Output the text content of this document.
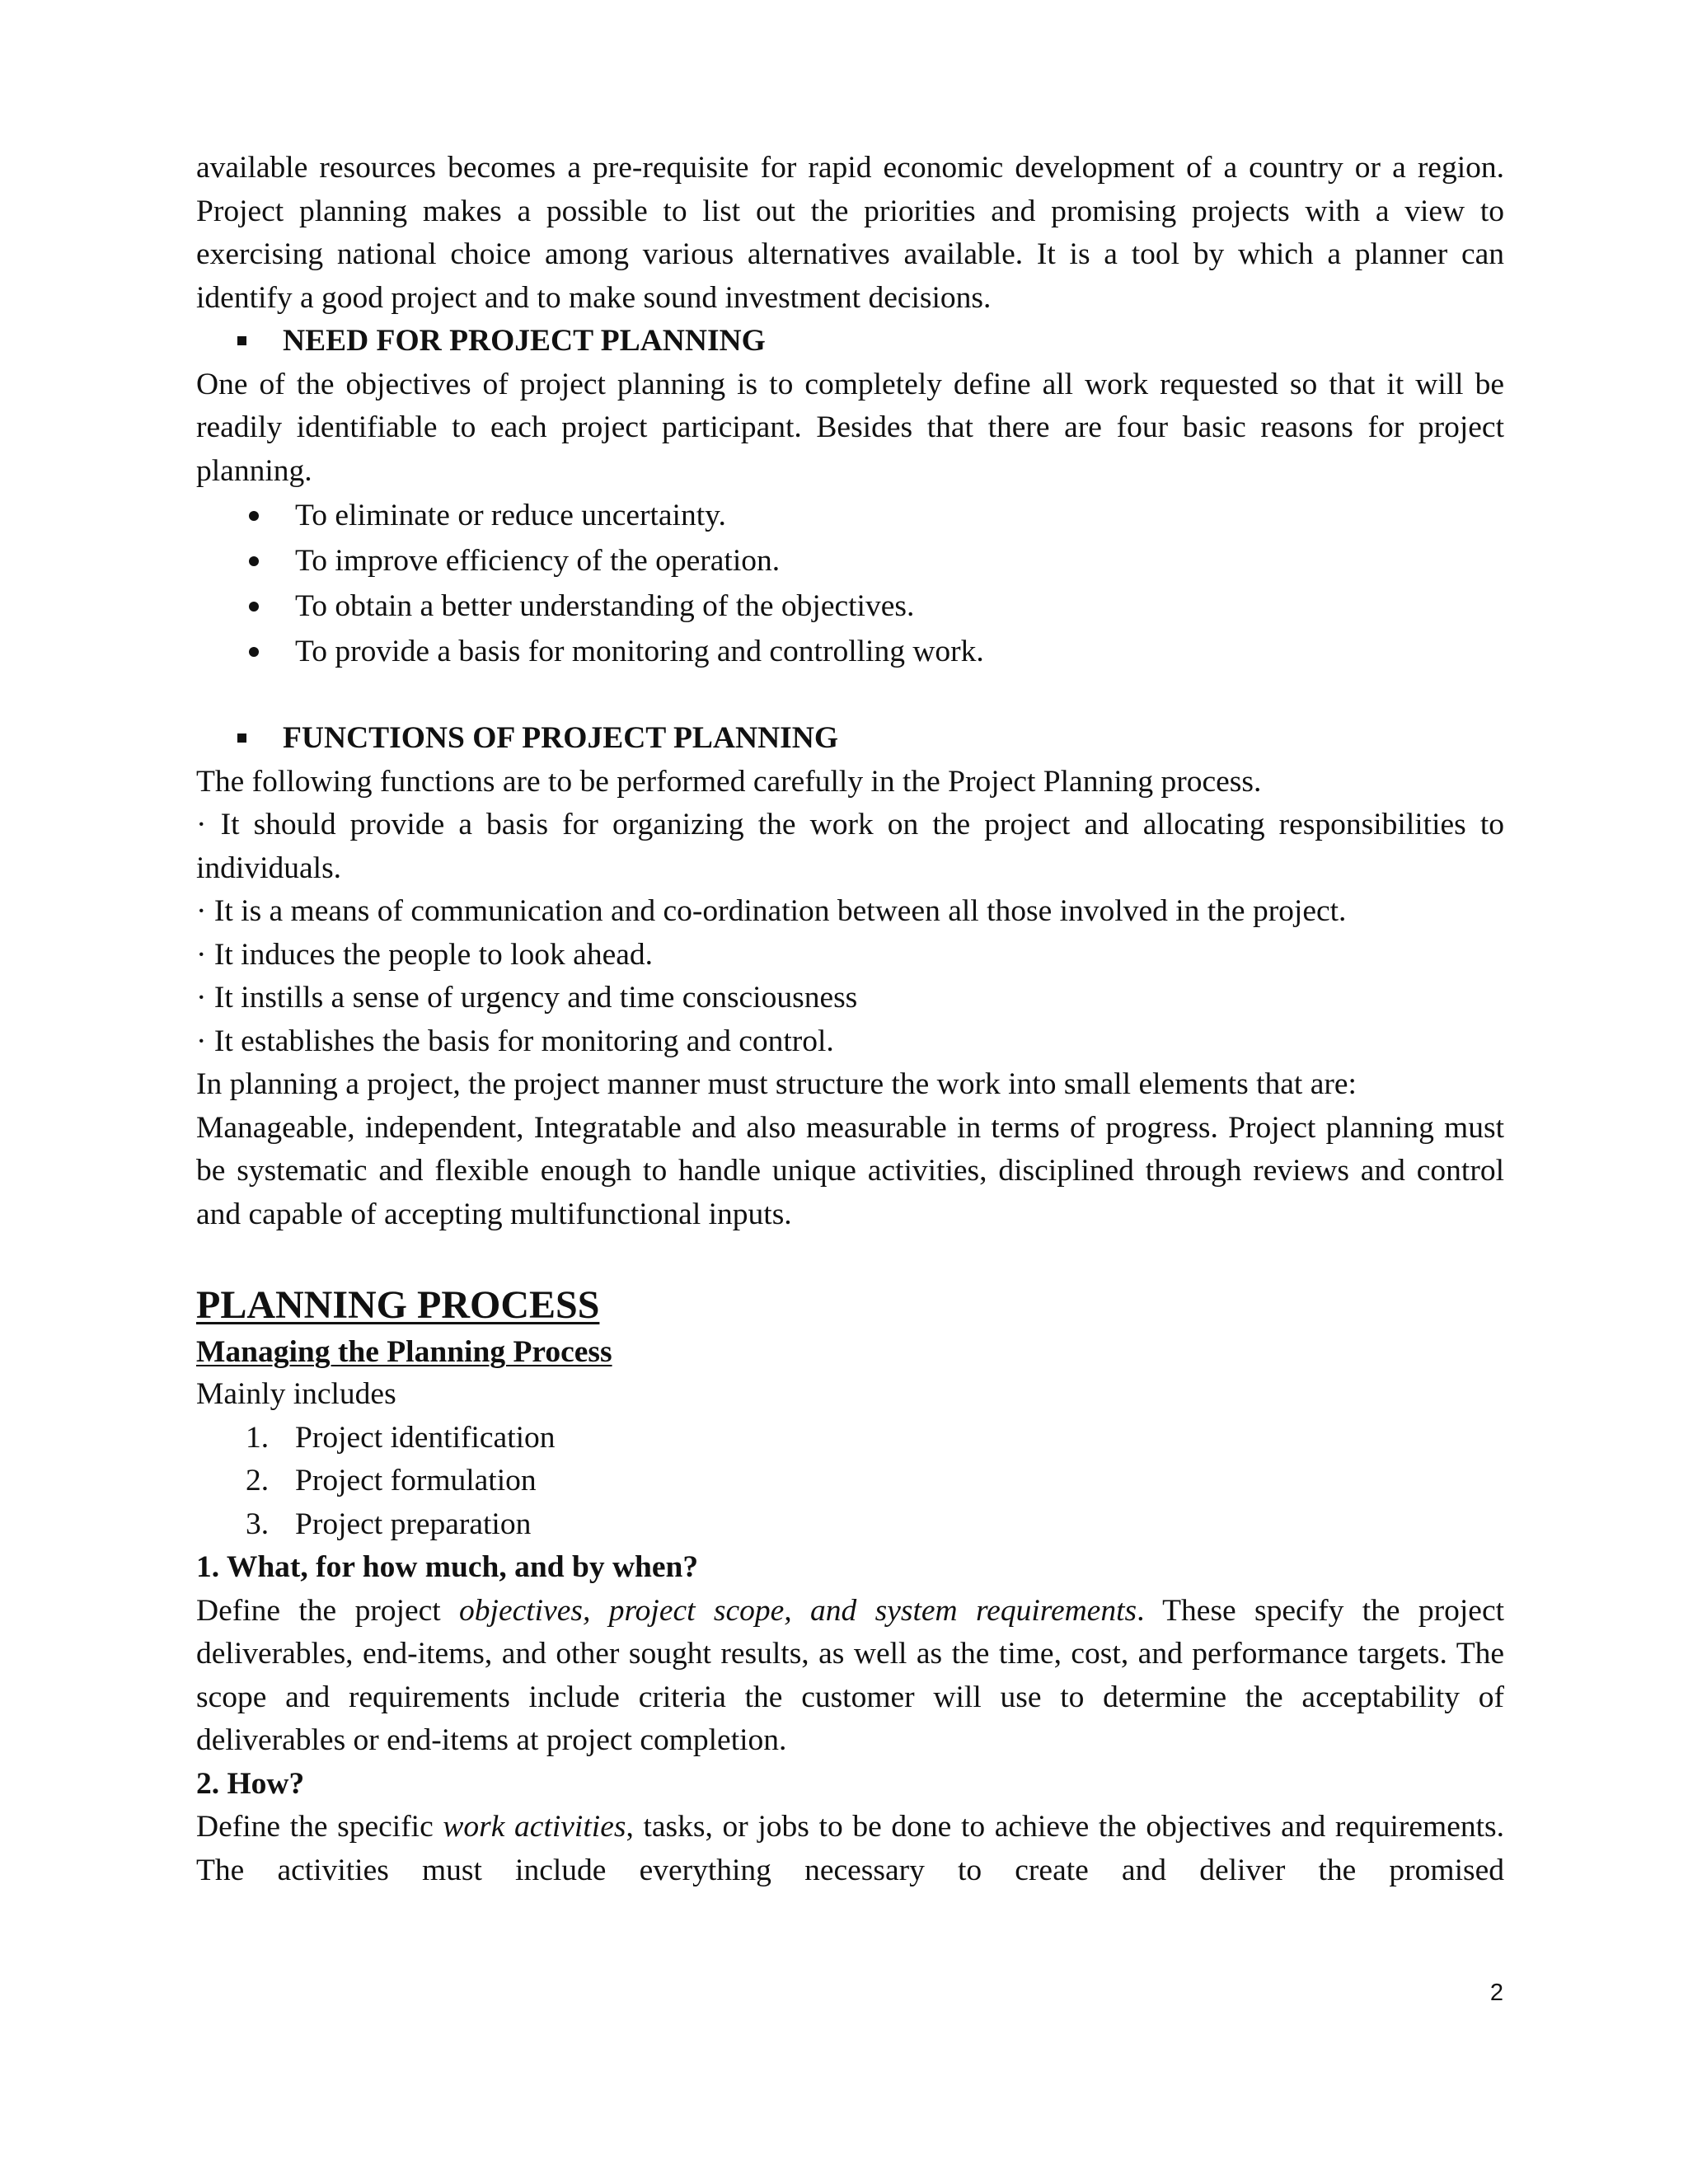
available resources becomes a pre-requisite for rapid economic development of a country or a region. Project planning makes a possible to list out the priorities and promising projects with a view to exercising national choice among various alternatives available. It is a tool by which a planner can identify a good project and to make sound investment decisions.

NEED FOR PROJECT PLANNING

One of the objectives of project planning is to completely define all work requested so that it will be readily identifiable to each project participant. Besides that there are four basic reasons for project planning.

To eliminate or reduce uncertainty.
To improve efficiency of the operation.
To obtain a better understanding of the objectives.
To provide a basis for monitoring and controlling work.
FUNCTIONS OF PROJECT PLANNING

The following functions are to be performed carefully in the Project Planning process.

· It should provide a basis for organizing the work on the project and allocating responsibilities to individuals.

· It is a means of communication and co-ordination between all those involved in the project.

· It induces the people to look ahead.

· It instills a sense of urgency and time consciousness

· It establishes the basis for monitoring and control.

In planning a project, the project manner must structure the work into small elements that are:

Manageable, independent, Integratable and also measurable in terms of progress. Project planning must be systematic and flexible enough to handle unique activities, disciplined through reviews and control and capable of accepting multifunctional inputs.

PLANNING PROCESS

Managing the Planning Process

Mainly includes

1. Project identification
2. Project formulation
3. Project preparation

1. What, for how much, and by when?

Define the project objectives, project scope, and system requirements. These specify the project deliverables, end-items, and other sought results, as well as the time, cost, and performance targets. The scope and requirements include criteria the customer will use to determine the acceptability of deliverables or end-items at project completion.

2. How?

Define the specific work activities, tasks, or jobs to be done to achieve the objectives and requirements. The activities must include everything necessary to create and deliver the promised

2
